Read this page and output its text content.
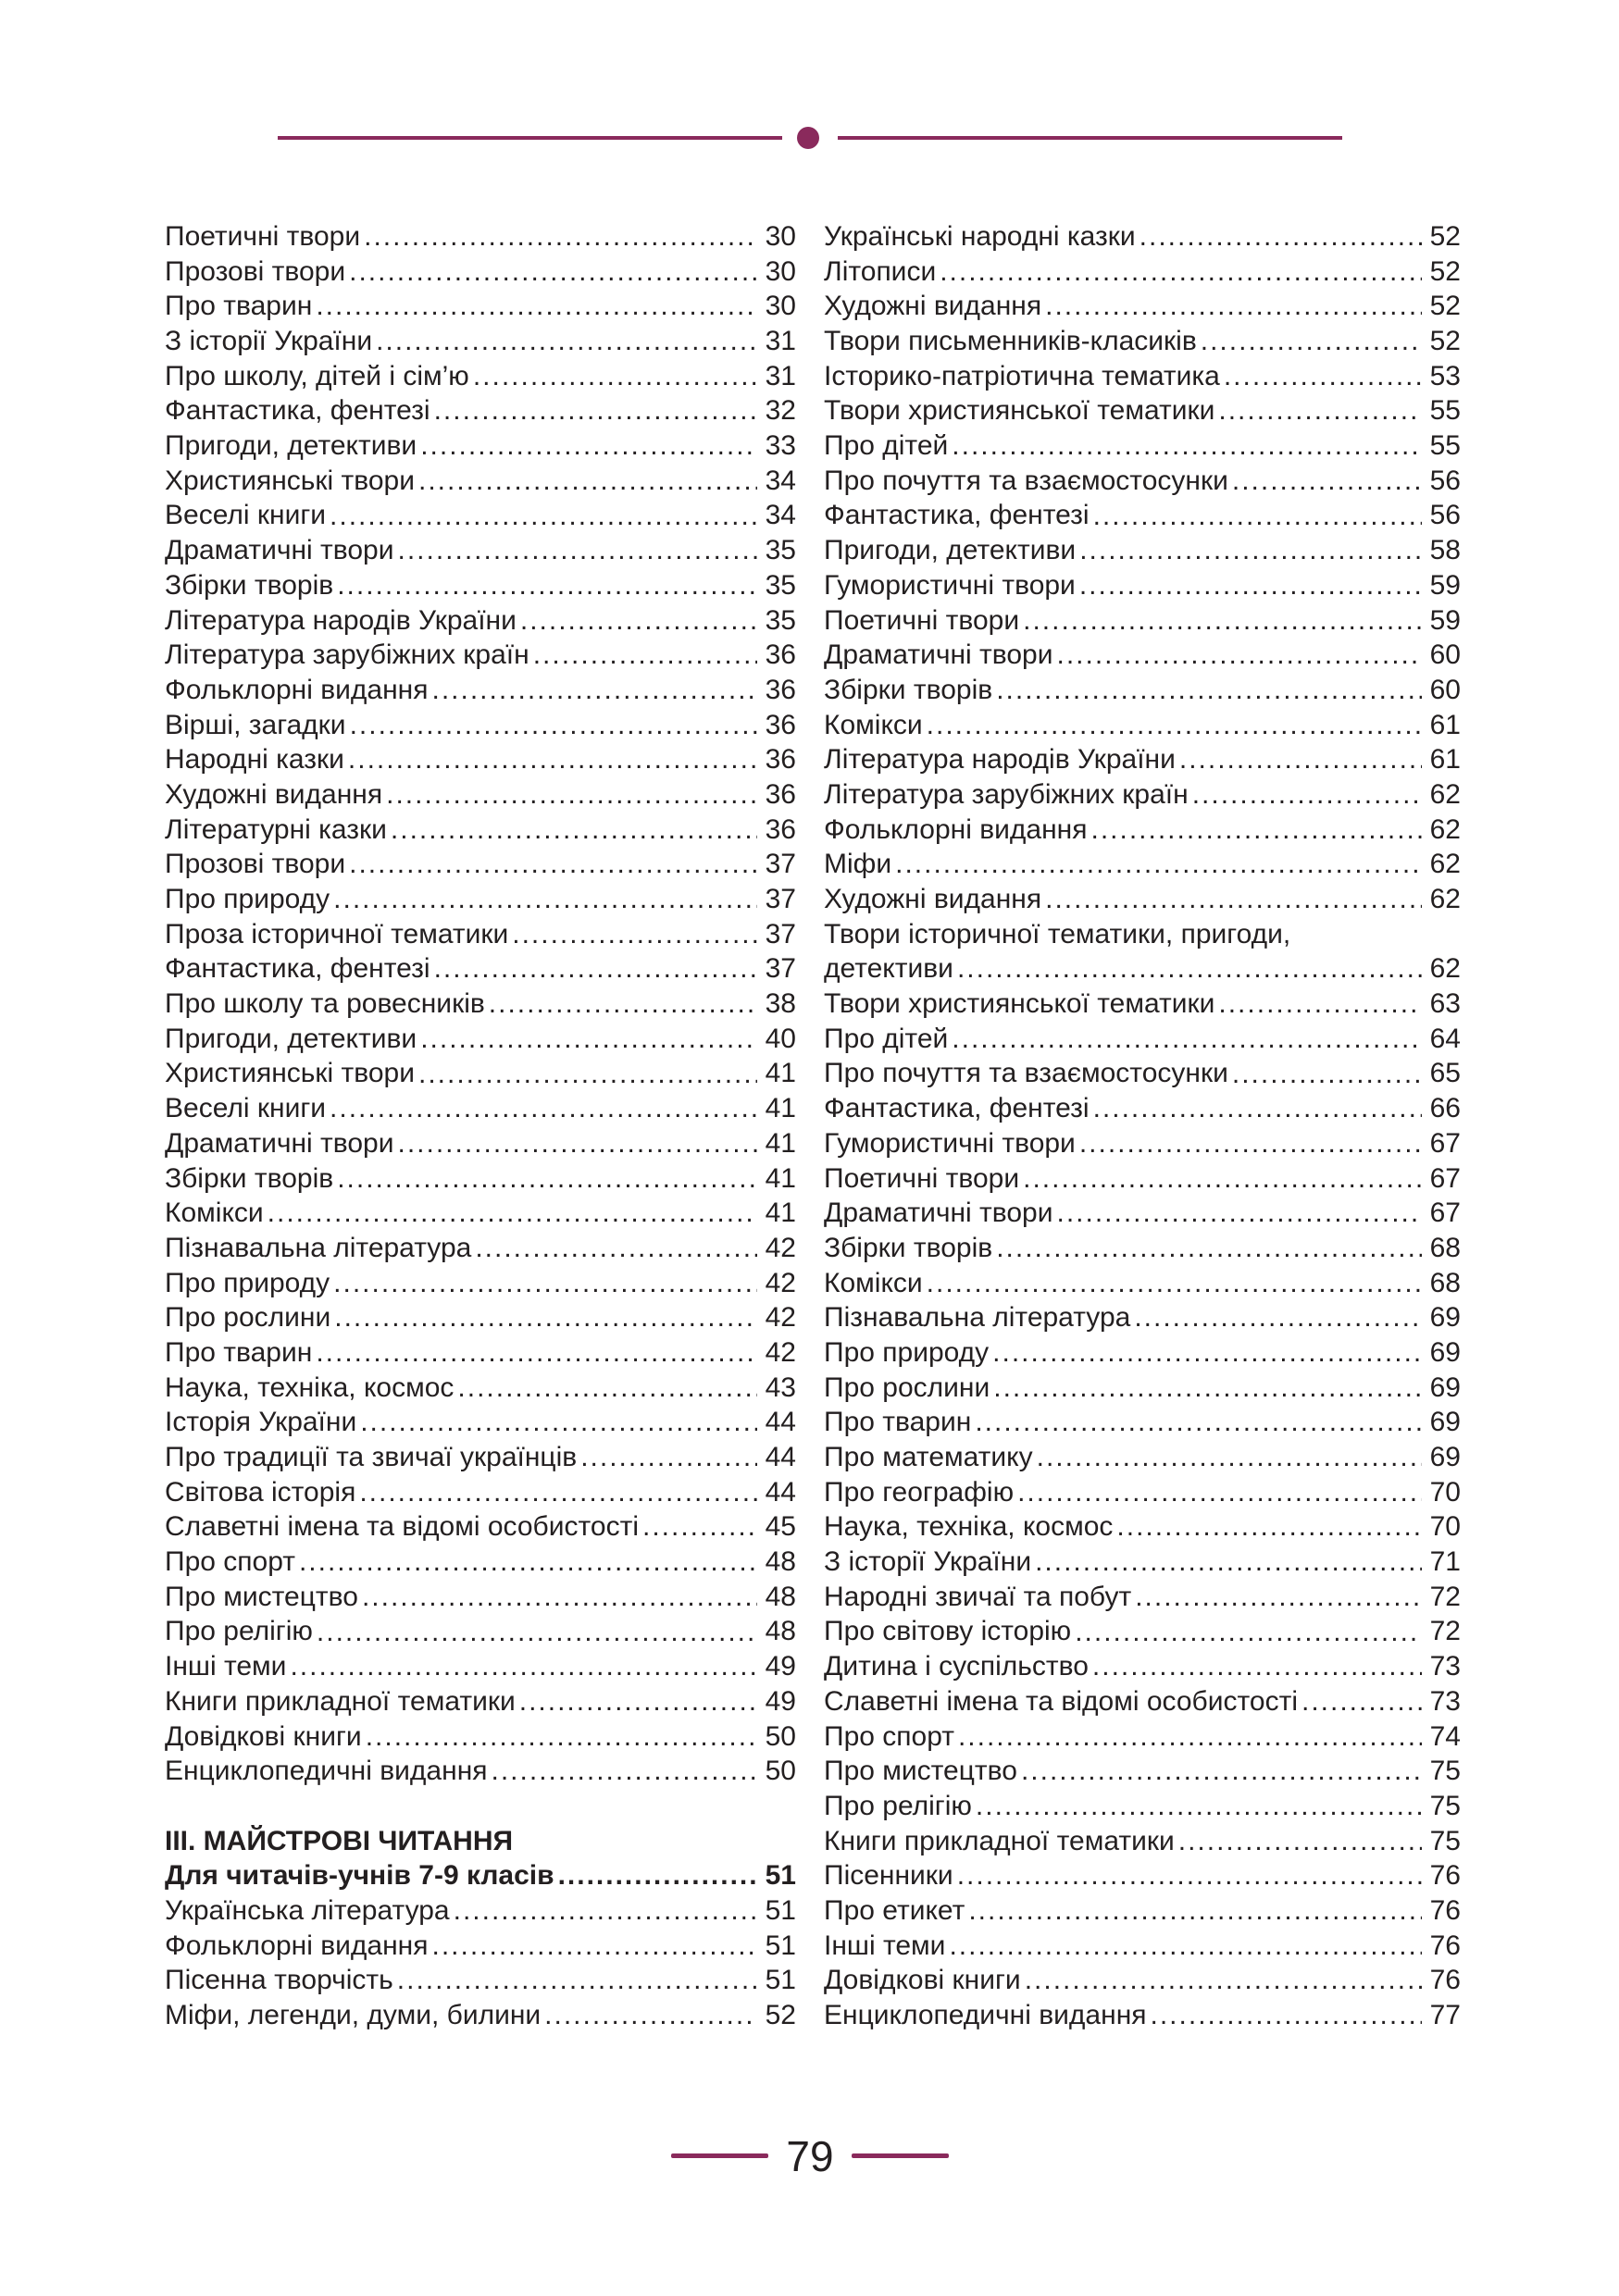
Поетичні твори .....	30
Прозові твори .....	30
Про тварин .....	30
З історії України .....	31
Про школу, дітей і сім’ю .....	31
Фантастика, фентезі .....	32
Пригоди, детективи .....	33
Християнські твори .....	34
Веселі книги .....	34
Драматичні твори .....	35
Збірки творів .....	35
Література народів України .....	35
Література зарубіжних країн .....	36
Фольклорні видання .....	36
Вірші, загадки .....	36
Народні казки .....	36
Художні видання .....	36
Літературні казки .....	36
Прозові твори .....	37
Про природу .....	37
Проза історичної тематики .....	37
Фантастика, фентезі .....	37
Про школу та ровесників .....	38
Пригоди, детективи .....	40
Християнські твори .....	41
Веселі книги .....	41
Драматичні твори .....	41
Збірки творів .....	41
Комікси .....	41
Пізнавальна література .....	42
Про природу .....	42
Про рослини .....	42
Про тварин .....	42
Наука, техніка, космос .....	43
Історія України .....	44
Про традиції та звичаї українців .....	44
Світова історія .....	44
Славетні імена та відомі особистості .....	45
Про спорт .....	48
Про мистецтво .....	48
Про релігію .....	48
Інші теми .....	49
Книги прикладної тематики .....	49
Довідкові книги .....	50
Енциклопедичні видання .....	50
III. МАЙСТРОВІ ЧИТАННЯ
Для читачів-учнів 7-9 класів .....	51
Українська література .....	51
Фольклорні видання .....	51
Пісенна творчість .....	51
Міфи, легенди, думи, билини .....	52
Українські народні казки .....	52
Літописи .....	52
Художні видання .....	52
Твори письменників-класиків .....	52
Історико-патріотична тематика .....	53
Твори християнської тематики .....	55
Про дітей .....	55
Про почуття та взаємостосунки .....	56
Фантастика, фентезі .....	56
Пригоди, детективи .....	58
Гумористичні твори .....	59
Поетичні твори .....	59
Драматичні твори .....	60
Збірки творів .....	60
Комікси .....	61
Література народів України .....	61
Література зарубіжних країн .....	62
Фольклорні видання .....	62
Міфи .....	62
Художні видання .....	62
Твори історичної тематики, пригоди,
детективи .....	62
Твори християнської тематики .....	63
Про дітей .....	64
Про почуття та взаємостосунки .....	65
Фантастика, фентезі .....	66
Гумористичні твори .....	67
Поетичні твори .....	67
Драматичні твори .....	67
Збірки творів .....	68
Комікси .....	68
Пізнавальна література .....	69
Про природу .....	69
Про рослини .....	69
Про тварин .....	69
Про математику .....	69
Про географію .....	70
Наука, техніка, космос .....	70
З історії України .....	71
Народні звичаї та побут .....	72
Про світову історію .....	72
Дитина і суспільство .....	73
Славетні імена та відомі особистості .....	73
Про спорт .....	74
Про мистецтво .....	75
Про релігію .....	75
Книги прикладної тематики .....	75
Пісенники .....	76
Про етикет .....	76
Інші теми .....	76
Довідкові книги .....	76
Енциклопедичні видання .....	77
79
